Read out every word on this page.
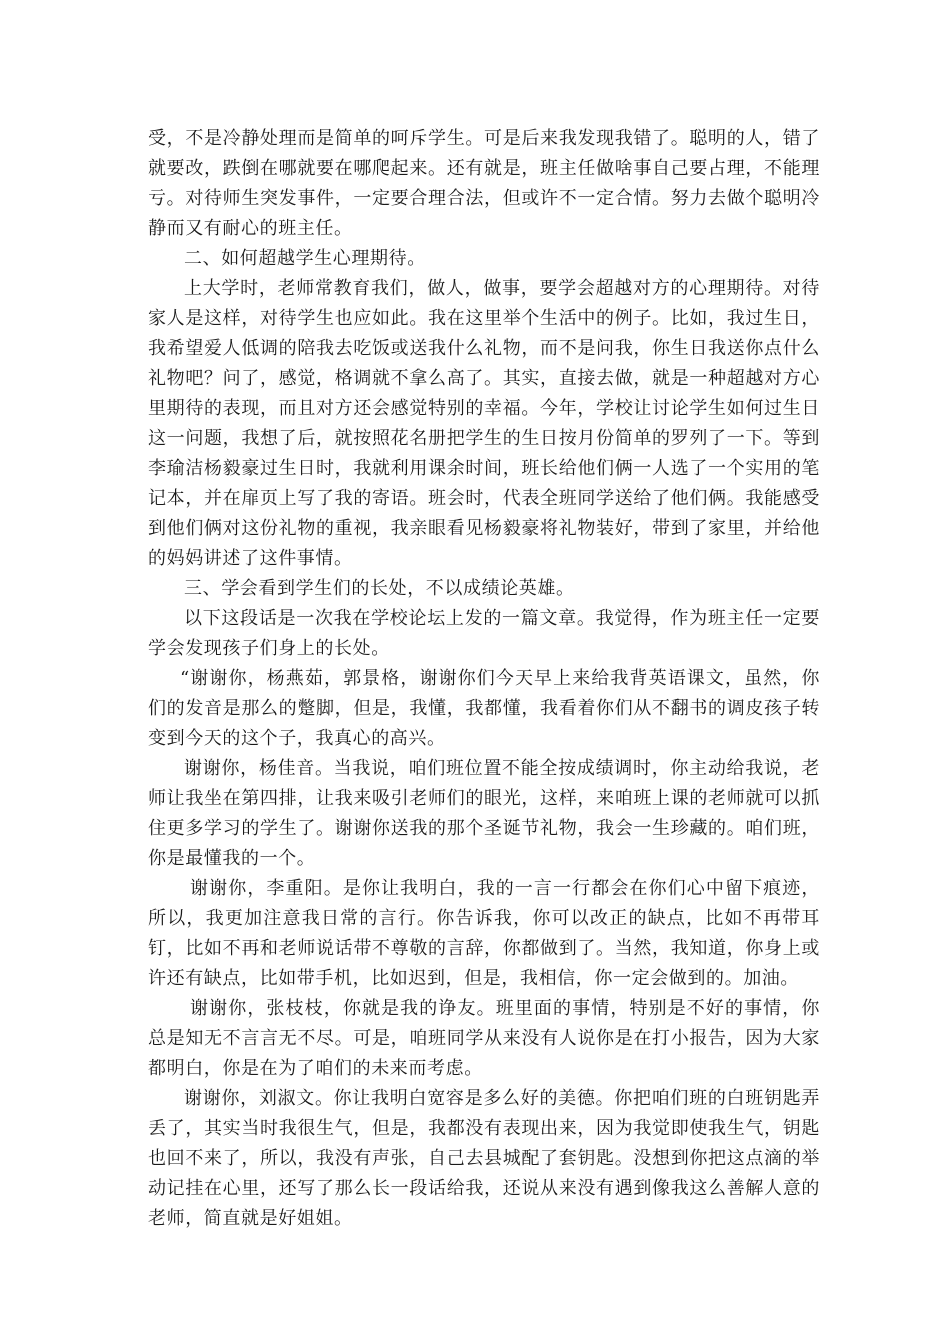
受，不是冷静处理而是简单的呵斥学生。可是后来我发现我错了。聪明的人，错了就要改，跌倒在哪就要在哪爬起来。还有就是，班主任做啥事自己要占理，不能理亏。对待师生突发事件，一定要合理合法，但或许不一定合情。努力去做个聪明冷静而又有耐心的班主任。

二、如何超越学生心理期待。

上大学时，老师常教育我们，做人，做事，要学会超越对方的心理期待。对待家人是这样，对待学生也应如此。我在这里举个生活中的例子。比如，我过生日，我希望爱人低调的陪我去吃饭或送我什么礼物，而不是问我，你生日我送你点什么礼物吧？问了，感觉，格调就不拿么高了。其实，直接去做，就是一种超越对方心里期待的表现，而且对方还会感觉特别的幸福。今年，学校让讨论学生如何过生日这一问题，我想了后，就按照花名册把学生的生日按月份简单的罗列了一下。等到李瑜洁杨毅豪过生日时，我就利用课余时间，班长给他们俩一人选了一个实用的笔记本，并在扉页上写了我的寄语。班会时，代表全班同学送给了他们俩。我能感受到他们俩对这份礼物的重视，我亲眼看见杨毅豪将礼物装好，带到了家里，并给他的妈妈讲述了这件事情。

三、学会看到学生们的长处，不以成绩论英雄。

以下这段话是一次我在学校论坛上发的一篇文章。我觉得，作为班主任一定要学会发现孩子们身上的长处。

“谢谢你，杨燕茹，郭景格，谢谢你们今天早上来给我背英语课文，虽然，你们的发音是那么的蹩脚，但是，我懂，我都懂，我看着你们从不翻书的调皮孩子转变到今天的这个子，我真心的高兴。

谢谢你，杨佳音。当我说，咱们班位置不能全按成绩调时，你主动给我说，老师让我坐在第四排，让我来吸引老师们的眼光，这样，来咱班上课的老师就可以抓住更多学习的学生了。谢谢你送我的那个圣诞节礼物，我会一生珍藏的。咱们班，你是最懂我的一个。

谢谢你，李重阳。是你让我明白，我的一言一行都会在你们心中留下痕迹，所以，我更加注意我日常的言行。你告诉我，你可以改正的缺点，比如不再带耳钉，比如不再和老师说话带不尊敬的言辞，你都做到了。当然，我知道，你身上或许还有缺点，比如带手机，比如迟到，但是，我相信，你一定会做到的。加油。

谢谢你，张枝枝，你就是我的诤友。班里面的事情，特别是不好的事情，你总是知无不言言无不尽。可是，咱班同学从来没有人说你是在打小报告，因为大家都明白，你是在为了咱们的未来而考虑。

谢谢你，刘淑文。你让我明白宽容是多么好的美德。你把咱们班的白班钥匙弄丢了，其实当时我很生气，但是，我都没有表现出来，因为我觉即使我生气，钥匙也回不来了，所以，我没有声张，自己去县城配了套钥匙。没想到你把这点滴的举动记挂在心里，还写了那么长一段话给我，还说从来没有遇到像我这么善解人意的老师，简直就是好姐姐。
